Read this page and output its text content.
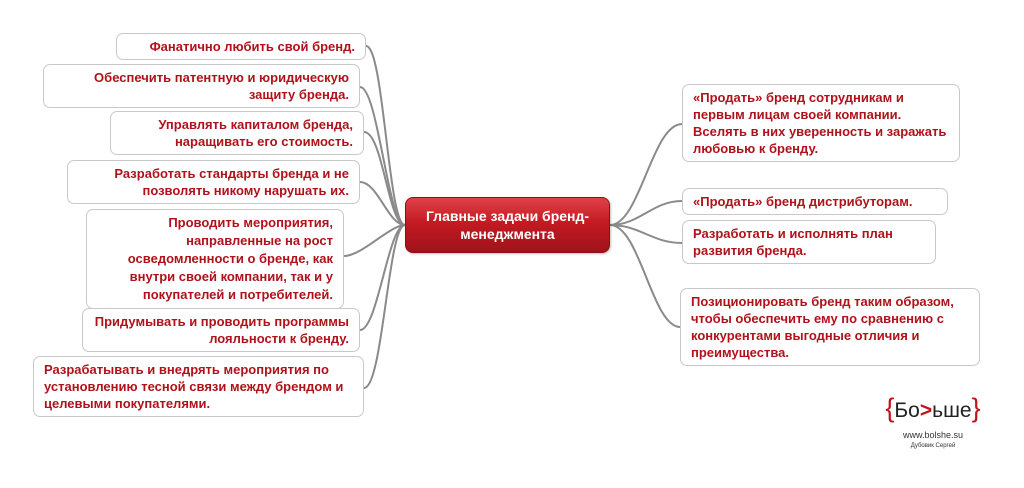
Фанатично любить свой бренд.
Обеспечить патентную и юридическую защиту бренда.
Управлять капиталом бренда, наращивать его стоимость.
Разработать стандарты бренда и не позволять никому нарушать их.
Проводить мероприятия, направленные на рост осведомленности о бренде, как внутри своей компании, так и у покупателей и потребителей.
Придумывать и проводить программы лояльности к бренду.
Разрабатывать и внедрять мероприятия по установлению тесной связи между брендом и целевыми покупателями.
Главные задачи бренд-менеджмента
«Продать» бренд сотрудникам и первым лицам своей компании. Вселять в них уверенность и заражать любовью к бренду.
«Продать» бренд дистрибуторам.
Разработать и исполнять план развития бренда.
Позиционировать бренд таким образом, чтобы обеспечить ему по сравнению с конкурентами выгодные отличия и преимущества.
{Бо>ьше}
www.bolshe.su
Дубовик Сергей
